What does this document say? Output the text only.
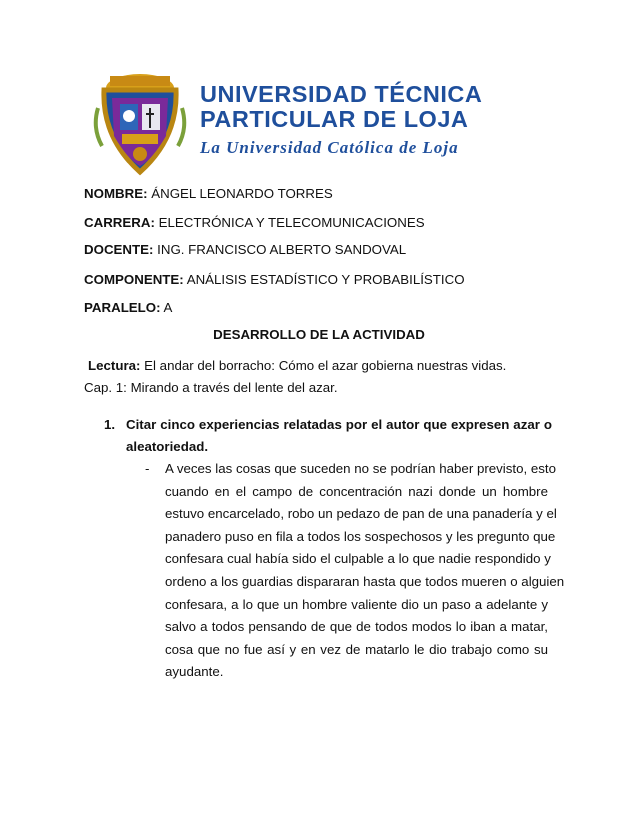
UNIVERSIDAD TÉCNICA
PARTICULAR DE LOJA
La Universidad Católica de Loja
NOMBRE: ÁNGEL LEONARDO TORRES
CARRERA: ELECTRÓNICA Y TELECOMUNICACIONES
DOCENTE: ING. FRANCISCO ALBERTO SANDOVAL
COMPONENTE: ANÁLISIS ESTADÍSTICO Y PROBABILÍSTICO
PARALELO: A
DESARROLLO DE LA ACTIVIDAD
Lectura: El andar del borracho: Cómo el azar gobierna nuestras vidas.
Cap. 1: Mirando a través del lente del azar.
1. Citar cinco experiencias relatadas por el autor que expresen azar o
aleatoriedad.
- A veces las cosas que suceden no se podrían haber previsto, esto
cuando en el campo de concentración nazi donde un hombre
estuvo encarcelado, robo un pedazo de pan de una panadería y el
panadero puso en fila a todos los sospechosos y les pregunto que
confesara cual había sido el culpable a lo que nadie respondido y
ordeno a los guardias dispararan hasta que todos mueren o alguien
confesara, a lo que un hombre valiente dio un paso a adelante y
salvo a todos pensando de que de todos modos lo iban a matar,
cosa que no fue así y en vez de matarlo le dio trabajo como su
ayudante.
